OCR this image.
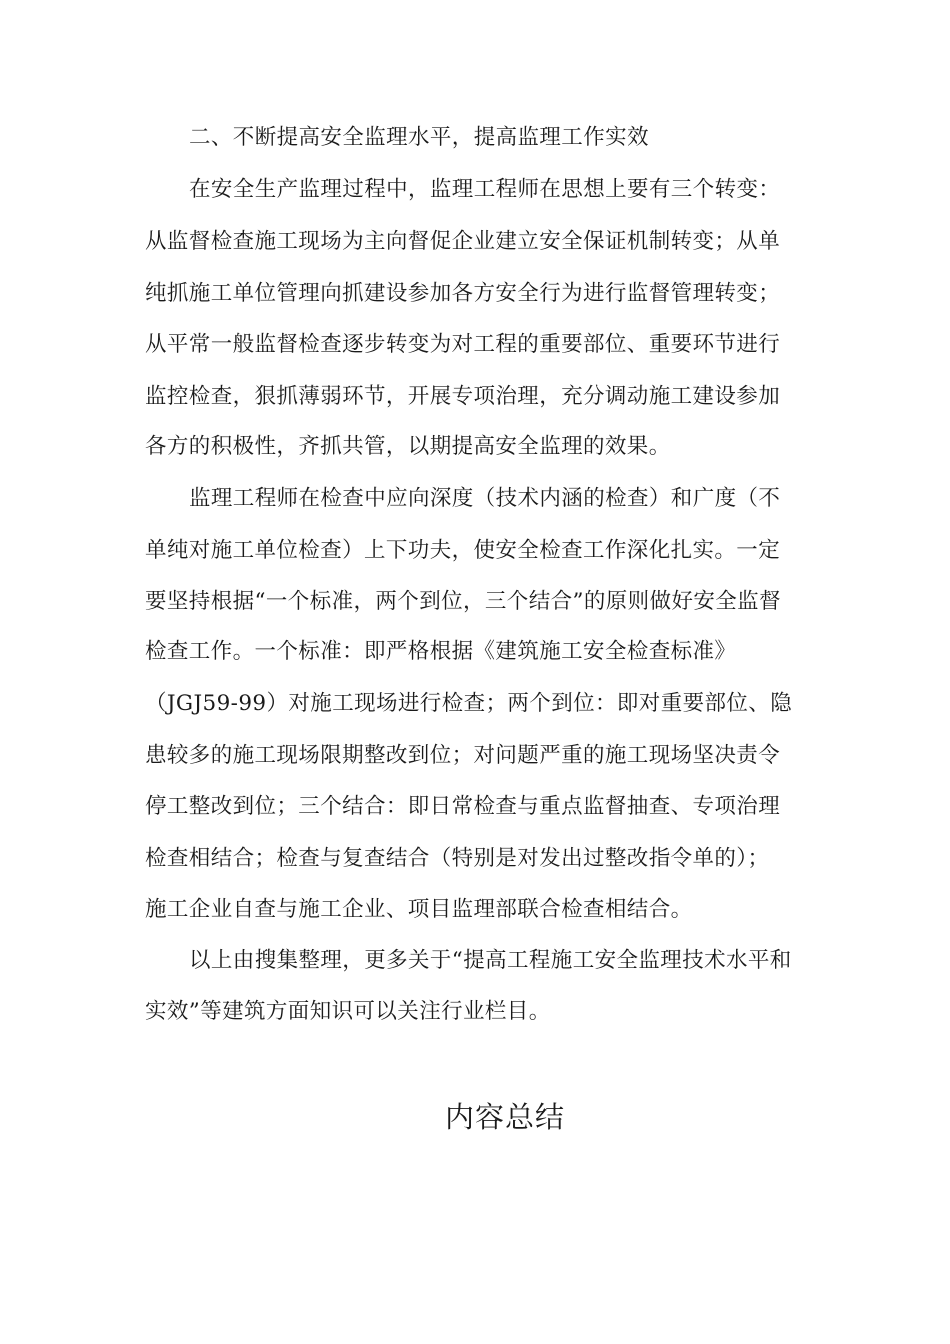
二、不断提高安全监理水平，提高监理工作实效
在安全生产监理过程中，监理工程师在思想上要有三个转变：
从监督检查施工现场为主向督促企业建立安全保证机制转变；从单
纯抓施工单位管理向抓建设参加各方安全行为进行监督管理转变；
从平常一般监督检查逐步转变为对工程的重要部位、重要环节进行
监控检查，狠抓薄弱环节，开展专项治理，充分调动施工建设参加
各方的积极性，齐抓共管，以期提高安全监理的效果。
监理工程师在检查中应向深度（技术内涵的检查）和广度（不
单纯对施工单位检查）上下功夫，使安全检查工作深化扎实。一定
要坚持根据“一个标准，两个到位，三个结合”的原则做好安全监督
检查工作。一个标准：即严格根据《建筑施工安全检查标准》
（JGJ59-99）对施工现场进行检查；两个到位：即对重要部位、隐
患较多的施工现场限期整改到位；对问题严重的施工现场坚决责令
停工整改到位；三个结合：即日常检查与重点监督抽查、专项治理
检查相结合；检查与复查结合（特别是对发出过整改指令单的）；
施工企业自查与施工企业、项目监理部联合检查相结合。
以上由搜集整理，更多关于“提高工程施工安全监理技术水平和
实效”等建筑方面知识可以关注行业栏目。
内容总结
